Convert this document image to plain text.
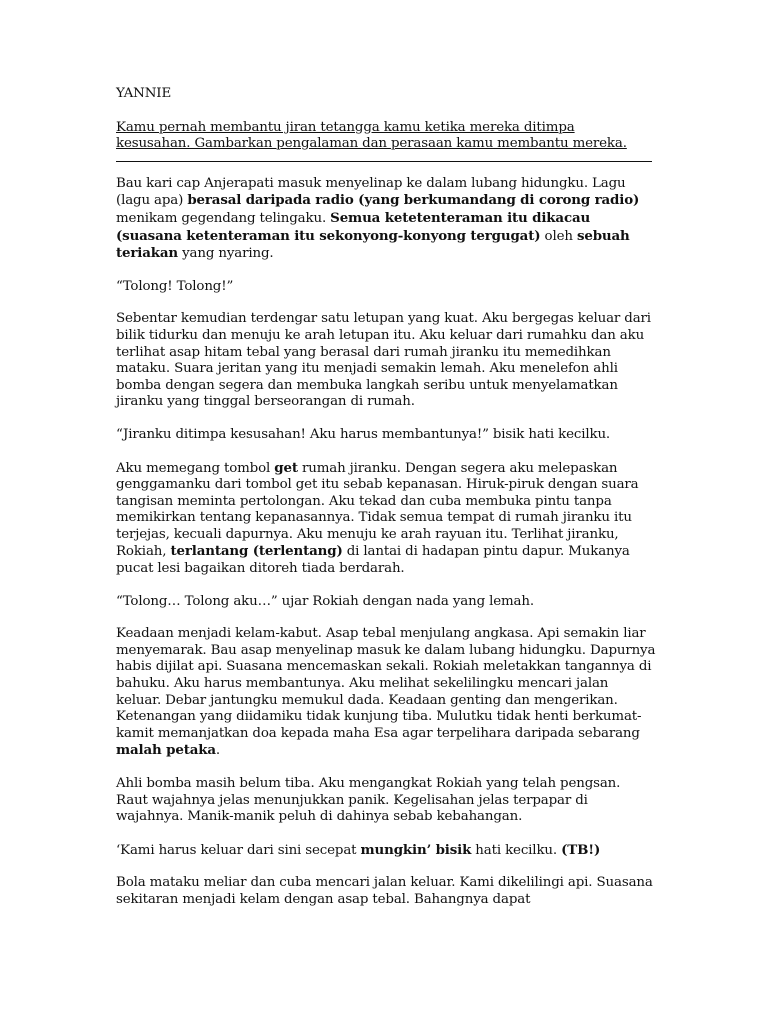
YANNIE

Kamu pernah membantu jiran tetangga kamu ketika mereka ditimpa
kesusahan. Gambarkan pengalaman dan perasaan kamu membantu mereka.

Bau kari cap Anjerapati masuk menyelinap ke dalam lubang hidungku. Lagu (lagu apa) berasal daripada radio (yang berkumandang di corong radio) menikam gegendang telingaku. Semua ketetenteraman itu dikacau (suasana ketenteraman itu sekonyong-konyong tergugat) oleh sebuah teriakan yang nyaring.

“Tolong! Tolong!”

Sebentar kemudian terdengar satu letupan yang kuat. Aku bergegas keluar dari bilik tidurku dan menuju ke arah letupan itu. Aku keluar dari rumahku dan aku terlihat asap hitam tebal yang berasal dari rumah jiranku itu memedihkan mataku. Suara jeritan yang itu menjadi semakin lemah. Aku menelefon ahli bomba dengan segera dan membuka langkah seribu untuk menyelamatkan jiranku yang tinggal berseorangan di rumah.

“Jiranku ditimpa kesusahan! Aku harus membantunya!” bisik hati kecilku.

Aku memegang tombol get rumah jiranku. Dengan segera aku melepaskan genggamanku dari tombol get itu sebab kepanasan. Hiruk-piruk dengan suara tangisan meminta pertolongan. Aku tekad dan cuba membuka pintu tanpa memikirkan tentang kepanasannya. Tidak semua tempat di rumah jiranku itu terjejas, kecuali dapurnya. Aku menuju ke arah rayuan itu. Terlihat jiranku, Rokiah, terlantang (terlentang) di lantai di hadapan pintu dapur. Mukanya pucat lesi bagaikan ditoreh tiada berdarah.

“Tolong… Tolong aku…” ujar Rokiah dengan nada yang lemah.

Keadaan menjadi kelam-kabut. Asap tebal menjulang angkasa. Api semakin liar menyemarak. Bau asap menyelinap masuk ke dalam lubang hidungku. Dapurnya habis dijilat api. Suasana mencemaskan sekali. Rokiah meletakkan tangannya di bahuku. Aku harus membantunya. Aku melihat sekelilingku mencari jalan keluar. Debar jantungku memukul dada. Keadaan genting dan mengerikan. Ketenangan yang diidamiku tidak kunjung tiba. Mulutku tidak henti berkumat-kamit memanjatkan doa kepada maha Esa agar terpelihara daripada sebarang malah petaka.

Ahli bomba masih belum tiba. Aku mengangkat Rokiah yang telah pengsan. Raut wajahnya jelas menunjukkan panik. Kegelisahan jelas terpapar di wajahnya. Manik-manik peluh di dahinya sebab kebahangan.

‘Kami harus keluar dari sini secepat mungkin’ bisik hati kecilku. (TB!)

Bola mataku meliar dan cuba mencari jalan keluar. Kami dikelilingi api. Suasana sekitaran menjadi kelam dengan asap tebal. Bahangnya dapat
